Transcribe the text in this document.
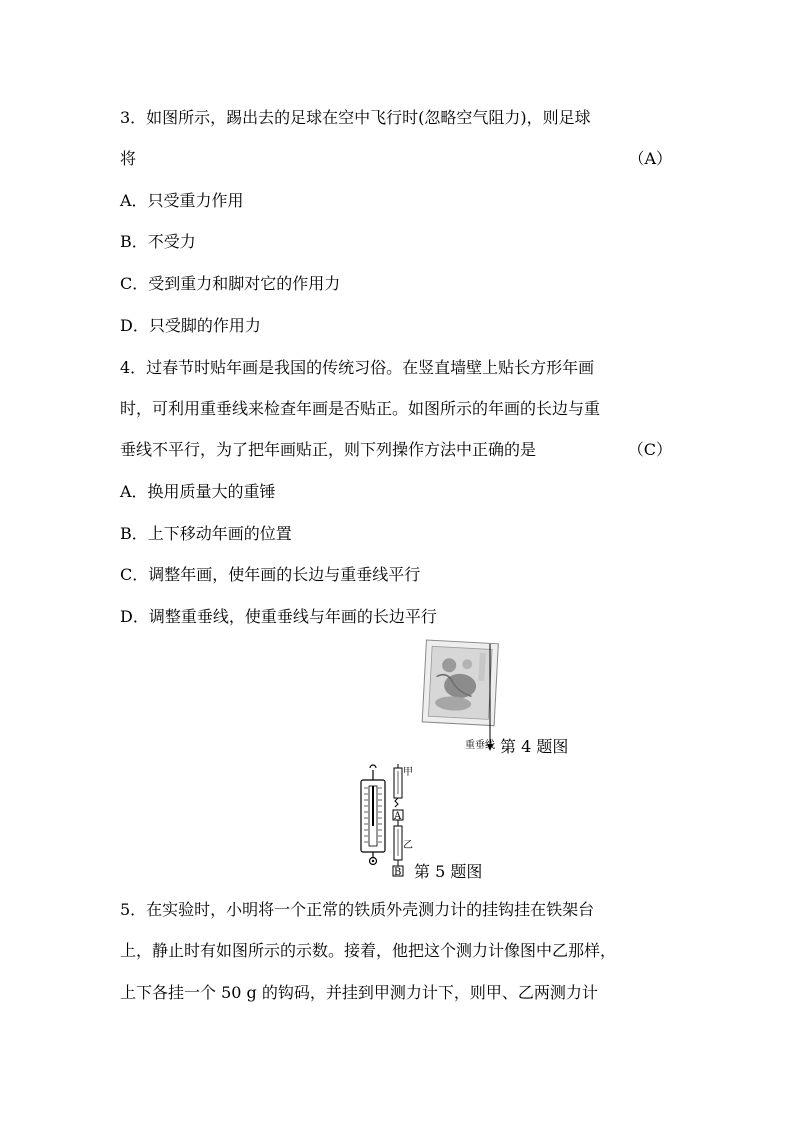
3．如图所示，踢出去的足球在空中飞行时(忽略空气阻力)，则足球
将	（A）
A．只受重力作用
B．不受力
C．受到重力和脚对它的作用力
D．只受脚的作用力
4．过春节时贴年画是我国的传统习俗。在竖直墙壁上贴长方形年画
时，可利用重垂线来检查年画是否贴正。如图所示的年画的长边与重
垂线不平行，为了把年画贴正，则下列操作方法中正确的是	（C）
A．换用质量大的重锤
B．上下移动年画的位置
C．调整年画，使年画的长边与重垂线平行
D．调整重垂线，使重垂线与年画的长边平行
重垂线 第 4 题图
甲
A
乙
B 第 5 题图
5．在实验时，小明将一个正常的铁质外壳测力计的挂钩挂在铁架台
上，静止时有如图所示的示数。接着，他把这个测力计像图中乙那样，
上下各挂一个 50 g 的钩码，并挂到甲测力计下，则甲、乙两测力计
